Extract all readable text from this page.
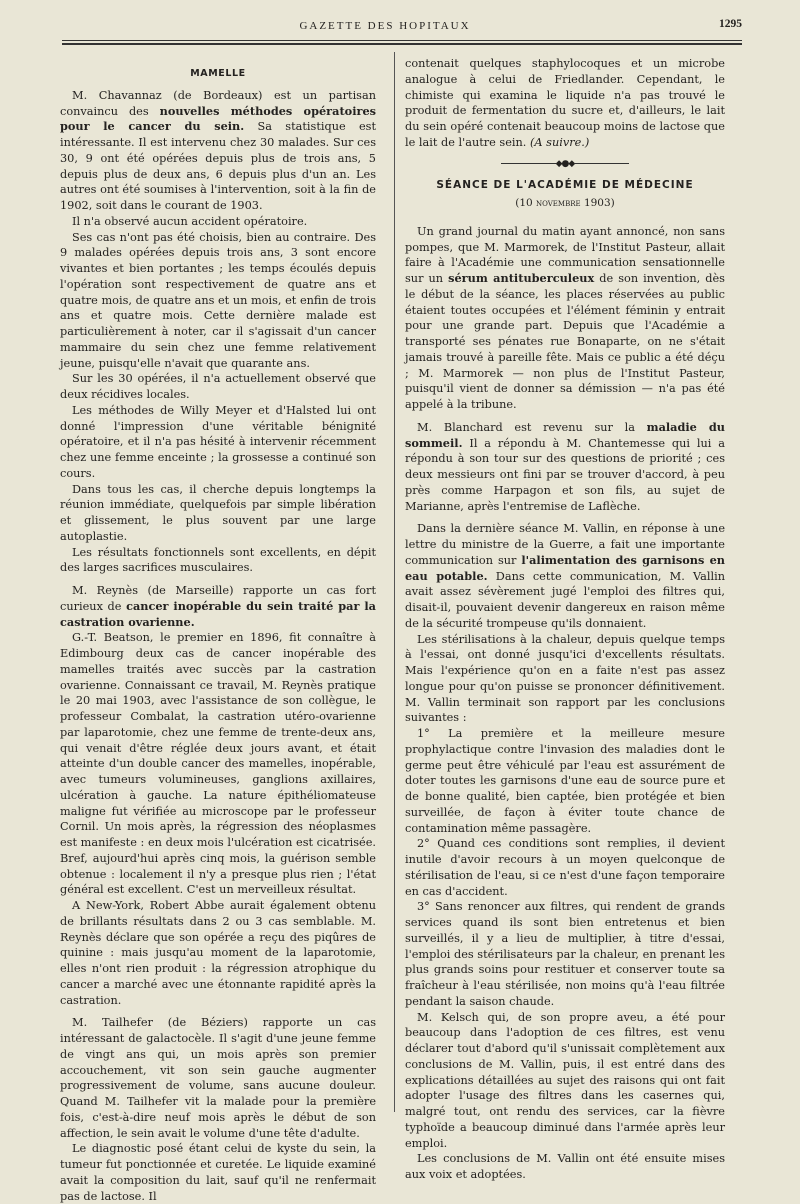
GAZETTE DES HOPITAUX	1295
MAMELLE

M. Chavannaz (de Bordeaux) est un partisan convaincu des nouvelles méthodes opératoires pour le cancer du sein. Sa statistique est intéressante. Il est intervenu chez 30 malades. Sur ces 30, 9 ont été opérées depuis plus de trois ans, 5 depuis plus de deux ans, 6 depuis plus d'un an. Les autres ont été soumises à l'intervention, soit à la fin de 1902, soit dans le courant de 1903.

Il n'a observé aucun accident opératoire.

Ses cas n'ont pas été choisis, bien au contraire. Des 9 malades opérées depuis trois ans, 3 sont encore vivantes et bien portantes ; les temps écoulés depuis l'opération sont respectivement de quatre ans et quatre mois, de quatre ans et un mois, et enfin de trois ans et quatre mois. Cette dernière malade est particulièrement à noter, car il s'agissait d'un cancer mammaire du sein chez une femme relativement jeune, puisqu'elle n'avait que quarante ans.

Sur les 30 opérées, il n'a actuellement observé que deux récidives locales.

Les méthodes de Willy Meyer et d'Halsted lui ont donné l'impression d'une véritable bénignité opératoire, et il n'a pas hésité à intervenir récemment chez une femme enceinte ; la grossesse a continué son cours.

Dans tous les cas, il cherche depuis longtemps la réunion immédiate, quelquefois par simple libération et glissement, le plus souvent par une large autoplastie.

Les résultats fonctionnels sont excellents, en dépit des larges sacrifices musculaires.

M. Reynès (de Marseille) rapporte un cas fort curieux de cancer inopérable du sein traité par la castration ovarienne.

G.-T. Beatson, le premier en 1896, fit connaître à Edimbourg deux cas de cancer inopérable des mamelles traités avec succès par la castration ovarienne. Connaissant ce travail, M. Reynès pratique le 20 mai 1903, avec l'assistance de son collègue, le professeur Combalat, la castration utéro-ovarienne par laparotomie, chez une femme de trente-deux ans, qui venait d'être réglée deux jours avant, et était atteinte d'un double cancer des mamelles, inopérable, avec tumeurs volumineuses, ganglions axillaires, ulcération à gauche. La nature épithéliomateuse maligne fut vérifiée au microscope par le professeur Cornil. Un mois après, la régression des néoplasmes est manifeste : en deux mois l'ulcération est cicatrisée. Bref, aujourd'hui après cinq mois, la guérison semble obtenue : localement il n'y a presque plus rien ; l'état général est excellent. C'est un merveilleux résultat.

A New-York, Robert Abbe aurait également obtenu de brillants résultats dans 2 ou 3 cas semblable. M. Reynès déclare que son opérée a reçu des piqûres de quinine : mais jusqu'au moment de la laparotomie, elles n'ont rien produit : la régression atrophique du cancer a marché avec une étonnante rapidité après la castration.

M. Tailhefer (de Béziers) rapporte un cas intéressant de galactocèle. Il s'agit d'une jeune femme de vingt ans qui, un mois après son premier accouchement, vit son sein gauche augmenter progressivement de volume, sans aucune douleur. Quand M. Tailhefer vit la malade pour la première fois, c'est-à-dire neuf mois après le début de son affection, le sein avait le volume d'une tête d'adulte.

Le diagnostic posé étant celui de kyste du sein, la tumeur fut ponctionnée et curetée. Le liquide examiné avait la composition du lait, sauf qu'il ne renfermait pas de lactose. Il

contenait quelques staphylocoques et un microbe analogue à celui de Friedlander. Cependant, le chimiste qui examina le liquide n'a pas trouvé le produit de fermentation du sucre et, d'ailleurs, le lait du sein opéré contenait beaucoup moins de lactose que le lait de l'autre sein. (A suivre.)

◆●◆
SÉANCE DE L'ACADÉMIE DE MÉDECINE
(10 novembre 1903)

Un grand journal du matin ayant annoncé, non sans pompes, que M. Marmorek, de l'Institut Pasteur, allait faire à l'Académie une communication sensationnelle sur un sérum antituberculeux de son invention, dès le début de la séance, les places réservées au public étaient toutes occupées et l'élément féminin y entrait pour une grande part. Depuis que l'Académie a transporté ses pénates rue Bonaparte, on ne s'était jamais trouvé à pareille fête. Mais ce public a été déçu ; M. Marmorek — non plus de l'Institut Pasteur, puisqu'il vient de donner sa démission — n'a pas été appelé à la tribune.

M. Blanchard est revenu sur la maladie du sommeil. Il a répondu à M. Chantemesse qui lui a répondu à son tour sur des questions de priorité ; ces deux messieurs ont fini par se trouver d'accord, à peu près comme Harpagon et son fils, au sujet de Marianne, après l'entremise de Laflèche.

Dans la dernière séance M. Vallin, en réponse à une lettre du ministre de la Guerre, a fait une importante communication sur l'alimentation des garnisons en eau potable. Dans cette communication, M. Vallin avait assez sévèrement jugé l'emploi des filtres qui, disait-il, pouvaient devenir dangereux en raison même de la sécurité trompeuse qu'ils donnaient.

Les stérilisations à la chaleur, depuis quelque temps à l'essai, ont donné jusqu'ici d'excellents résultats. Mais l'expérience qu'on en a faite n'est pas assez longue pour qu'on puisse se prononcer définitivement. M. Vallin terminait son rapport par les conclusions suivantes :

1° La première et la meilleure mesure prophylactique contre l'invasion des maladies dont le germe peut être véhiculé par l'eau est assurément de doter toutes les garnisons d'une eau de source pure et de bonne qualité, bien captée, bien protégée et bien surveillée, de façon à éviter toute chance de contamination même passagère.

2° Quand ces conditions sont remplies, il devient inutile d'avoir recours à un moyen quelconque de stérilisation de l'eau, si ce n'est d'une façon temporaire en cas d'accident.

3° Sans renoncer aux filtres, qui rendent de grands services quand ils sont bien entretenus et bien surveillés, il y a lieu de multiplier, à titre d'essai, l'emploi des stérilisateurs par la chaleur, en prenant les plus grands soins pour restituer et conserver toute sa fraîcheur à l'eau stérilisée, non moins qu'à l'eau filtrée pendant la saison chaude.

M. Kelsch qui, de son propre aveu, a été pour beaucoup dans l'adoption de ces filtres, est venu déclarer tout d'abord qu'il s'unissait complètement aux conclusions de M. Vallin, puis, il est entré dans des explications détaillées au sujet des raisons qui ont fait adopter l'usage des filtres dans les casernes qui, malgré tout, ont rendu des services, car la fièvre typhoïde a beaucoup diminué dans l'armée après leur emploi.

Les conclusions de M. Vallin ont été ensuite mises aux voix et adoptées.
